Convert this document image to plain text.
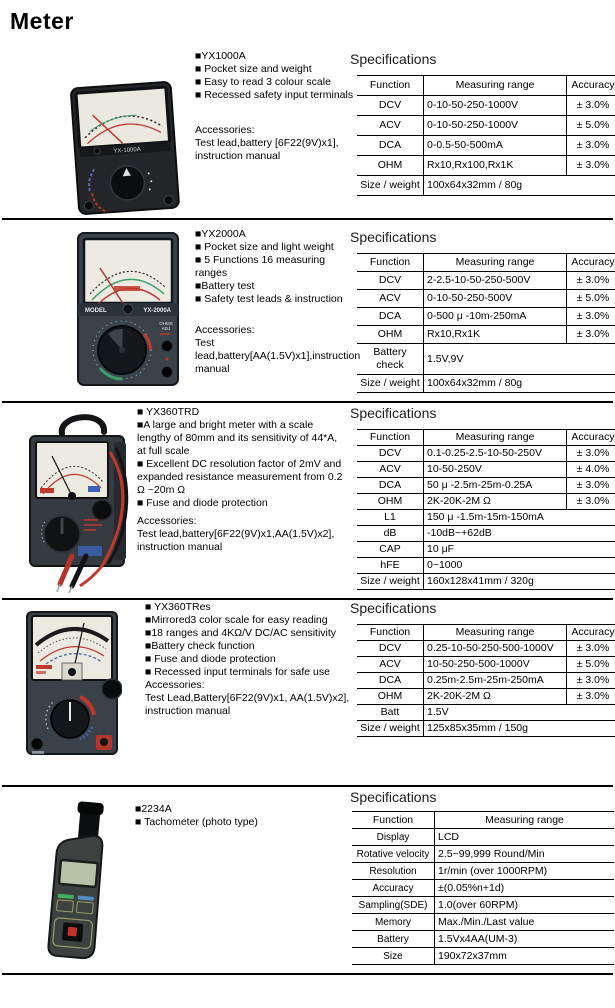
Meter
YX-1000A
■YX1000A
■ Pocket size and weight
■ Easy to read 3 colour scale
■ Recessed safety input terminals
Accessories:
Test lead,battery [6F22(9V)x1], instruction manual
Specifications
Function	Measuring range	Accuracy
DCV	0-10-50-250-1000V	± 3.0%
ACV	0-10-50-250-1000V	± 5.0%
DCA	0-0.5-50-500mA	± 3.0%
OHM	Rx10,Rx100,Rx1K	± 3.0%
Size / weight	100x64x32mm / 80g	
MODEL	YX-2000A
OHMS
ADJ
■YX2000A
■ Pocket size and light weight
■ 5 Functions 16 measuring ranges
■Battery test
■ Safety test leads & instruction
Accessories:
Test lead,battery[AA(1.5V)x1],instruction manual
Specifications
Function	Measuring range	Accuracy
DCV	2-2.5-10-50-250-500V	± 3.0%
ACV	0-10-50-250-500V	± 5.0%
DCA	0-500 μ -10m-250mA	± 3.0%
OHM	Rx10,Rx1K	± 3.0%
Battery check	1.5V,9V	
Size / weight	100x64x32mm / 80g	
■ YX360TRD
■A large and bright meter with a scale lengthy of 80mm and its sensitivity of 44*A, at full scale
■ Excellent DC resolution factor of 2mV and expanded resistance measurement from 0.2 Ω ~20m Ω
■ Fuse and diode protection
Accessories:
Test lead,battery[6F22(9V)x1,AA(1.5V)x2], instruction manual
Specifications
Function	Measuring range	Accuracy
DCV	0.1-0.25-2.5-10-50-250V	± 3.0%
ACV	10-50-250V	± 4.0%
DCA	50 μ -2.5m-25m-0.25A	± 3.0%
OHM	2K-20K-2M Ω	± 3.0%
L1	150 μ -1.5m-15m-150mA	
dB	-10dB~+62dB	
CAP	10 μF	
hFE	0~1000	
Size / weight	160x128x41mm / 320g	
■ YX360TRes
■Mirrored3 color scale for easy reading
■18 ranges and 4KΩ/V DC/AC sensitivity
■Battery check function
■ Fuse and diode protection
■ Recessed input terminals for safe use
Accessories:
Test Lead,Battery[6F22(9V)x1, AA(1.5V)x2], instruction manual
Specifications
Function	Measuring range	Accuracy
DCV	0.25-10-50-250-500-1000V	± 3.0%
ACV	10-50-250-500-1000V	± 5.0%
DCA	0.25m-2.5m-25m-250mA	± 3.0%
OHM	2K-20K-2M Ω	± 3.0%
Batt	1.5V	
Size / weight	125x85x35mm / 150g	
■2234A
■ Tachometer (photo type)
Specifications
Function	Measuring range
Display	LCD
Rotative velocity	2.5~99,999 Round/Min
Resolution	1r/min (over 1000RPM)
Accuracy	±(0.05%n+1d)
Sampling(SDE)	1.0(over 60RPM)
Memory	Max./Min./Last value
Battery	1.5Vx4AA(UM-3)
Size	190x72x37mm
